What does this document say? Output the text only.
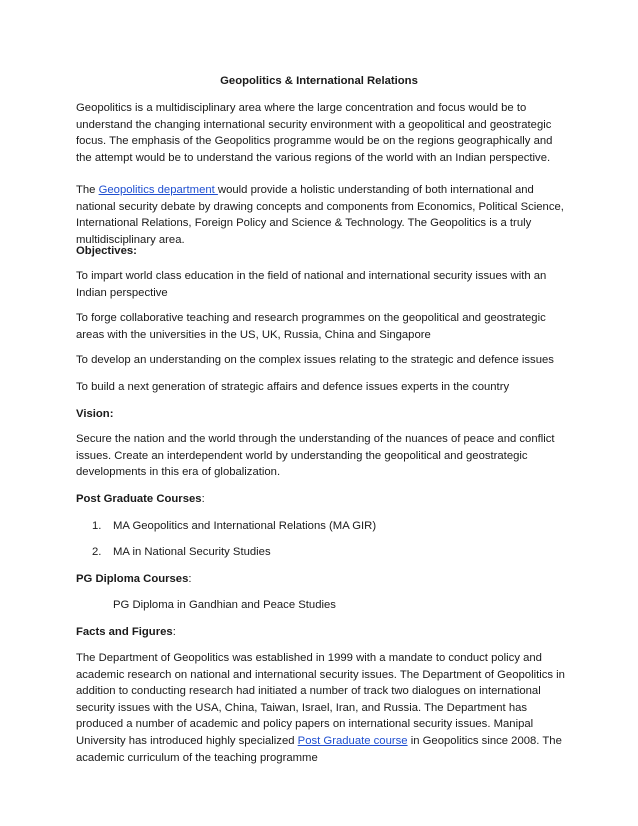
Geopolitics & International Relations
Geopolitics is a multidisciplinary area where the large concentration and focus would be to understand the changing international security environment with a geopolitical and geostrategic focus. The emphasis of the Geopolitics programme would be on the regions geographically and the attempt would be to understand the various regions of the world with an Indian perspective.
The Geopolitics department would provide a holistic understanding of both international and national security debate by drawing concepts and components from Economics, Political Science, International Relations, Foreign Policy and Science & Technology. The Geopolitics is a truly multidisciplinary area.
Objectives:
To impart world class education in the field of national and international security issues with an Indian perspective
To forge collaborative teaching and research programmes on the geopolitical and geostrategic areas with the universities in the US, UK, Russia, China and Singapore
To develop an understanding on the complex issues relating to the strategic and defence issues
To build a next generation of strategic affairs and defence issues experts in the country
Vision:
Secure the nation and the world through the understanding of the nuances of peace and conflict issues. Create an interdependent world by understanding the geopolitical and geostrategic developments in this era of globalization.
Post Graduate Courses:
1. MA Geopolitics and International Relations (MA GIR)
2. MA in National Security Studies
PG Diploma Courses:
PG Diploma in Gandhian and Peace Studies
Facts and Figures:
The Department of Geopolitics was established in 1999 with a mandate to conduct policy and academic research on national and international security issues. The Department of Geopolitics in addition to conducting research had initiated a number of track two dialogues on international security issues with the USA, China, Taiwan, Israel, Iran, and Russia. The Department has produced a number of academic and policy papers on international security issues. Manipal University has introduced highly specialized Post Graduate course in Geopolitics since 2008. The academic curriculum of the teaching programme
